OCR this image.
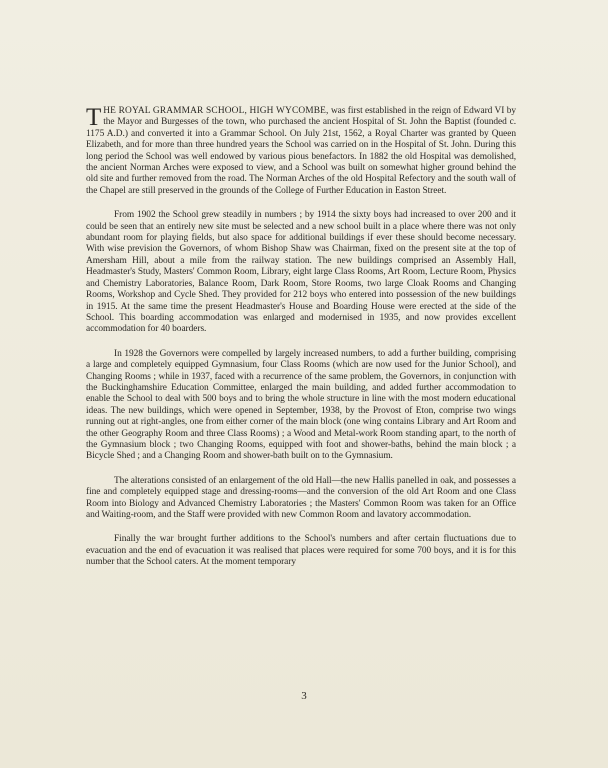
T HE ROYAL GRAMMAR SCHOOL, HIGH WYCOMBE, was first established in the reign of Edward VI by the Mayor and Burgesses of the town, who purchased the ancient Hospital of St. John the Baptist (founded c. 1175 A.D.) and converted it into a Grammar School. On July 21st, 1562, a Royal Charter was granted by Queen Elizabeth, and for more than three hundred years the School was carried on in the Hospital of St. John. During this long period the School was well endowed by various pious benefactors. In 1882 the old Hospital was demolished, the ancient Norman Arches were exposed to view, and a School was built on somewhat higher ground behind the old site and further removed from the road. The Norman Arches of the old Hospital Refectory and the south wall of the Chapel are still preserved in the grounds of the College of Further Education in Easton Street.

From 1902 the School grew steadily in numbers ; by 1914 the sixty boys had increased to over 200 and it could be seen that an entirely new site must be selected and a new school built in a place where there was not only abundant room for playing fields, but also space for additional buildings if ever these should become necessary. With wise prevision the Governors, of whom Bishop Shaw was Chairman, fixed on the present site at the top of Amersham Hill, about a mile from the railway station. The new buildings comprised an Assembly Hall, Headmaster's Study, Masters' Common Room, Library, eight large Class Rooms, Art Room, Lecture Room, Physics and Chemistry Laboratories, Balance Room, Dark Room, Store Rooms, two large Cloak Rooms and Changing Rooms, Workshop and Cycle Shed. They provided for 212 boys who entered into possession of the new buildings in 1915. At the same time the present Headmaster's House and Boarding House were erected at the side of the School. This boarding accommodation was enlarged and modernised in 1935, and now provides excellent accommodation for 40 boarders.

In 1928 the Governors were compelled by largely increased numbers, to add a further building, comprising a large and completely equipped Gymnasium, four Class Rooms (which are now used for the Junior School), and Changing Rooms ; while in 1937, faced with a recurrence of the same problem, the Governors, in conjunction with the Buckinghamshire Education Committee, enlarged the main building, and added further accommodation to enable the School to deal with 500 boys and to bring the whole structure in line with the most modern educational ideas. The new buildings, which were opened in September, 1938, by the Provost of Eton, comprise two wings running out at right-angles, one from either corner of the main block (one wing contains Library and Art Room and the other Geography Room and three Class Rooms) ; a Wood and Metal-work Room standing apart, to the north of the Gymnasium block ; two Changing Rooms, equipped with foot and shower-baths, behind the main block ; a Bicycle Shed ; and a Changing Room and shower-bath built on to the Gymnasium.

The alterations consisted of an enlargement of the old Hall—the new Hallis panelled in oak, and possesses a fine and completely equipped stage and dressing-rooms—and the conversion of the old Art Room and one Class Room into Biology and Advanced Chemistry Laboratories ; the Masters' Common Room was taken for an Office and Waiting-room, and the Staff were provided with new Common Room and lavatory accommodation.

Finally the war brought further additions to the School's numbers and after certain fluctuations due to evacuation and the end of evacuation it was realised that places were required for some 700 boys, and it is for this number that the School caters. At the moment temporary

3
